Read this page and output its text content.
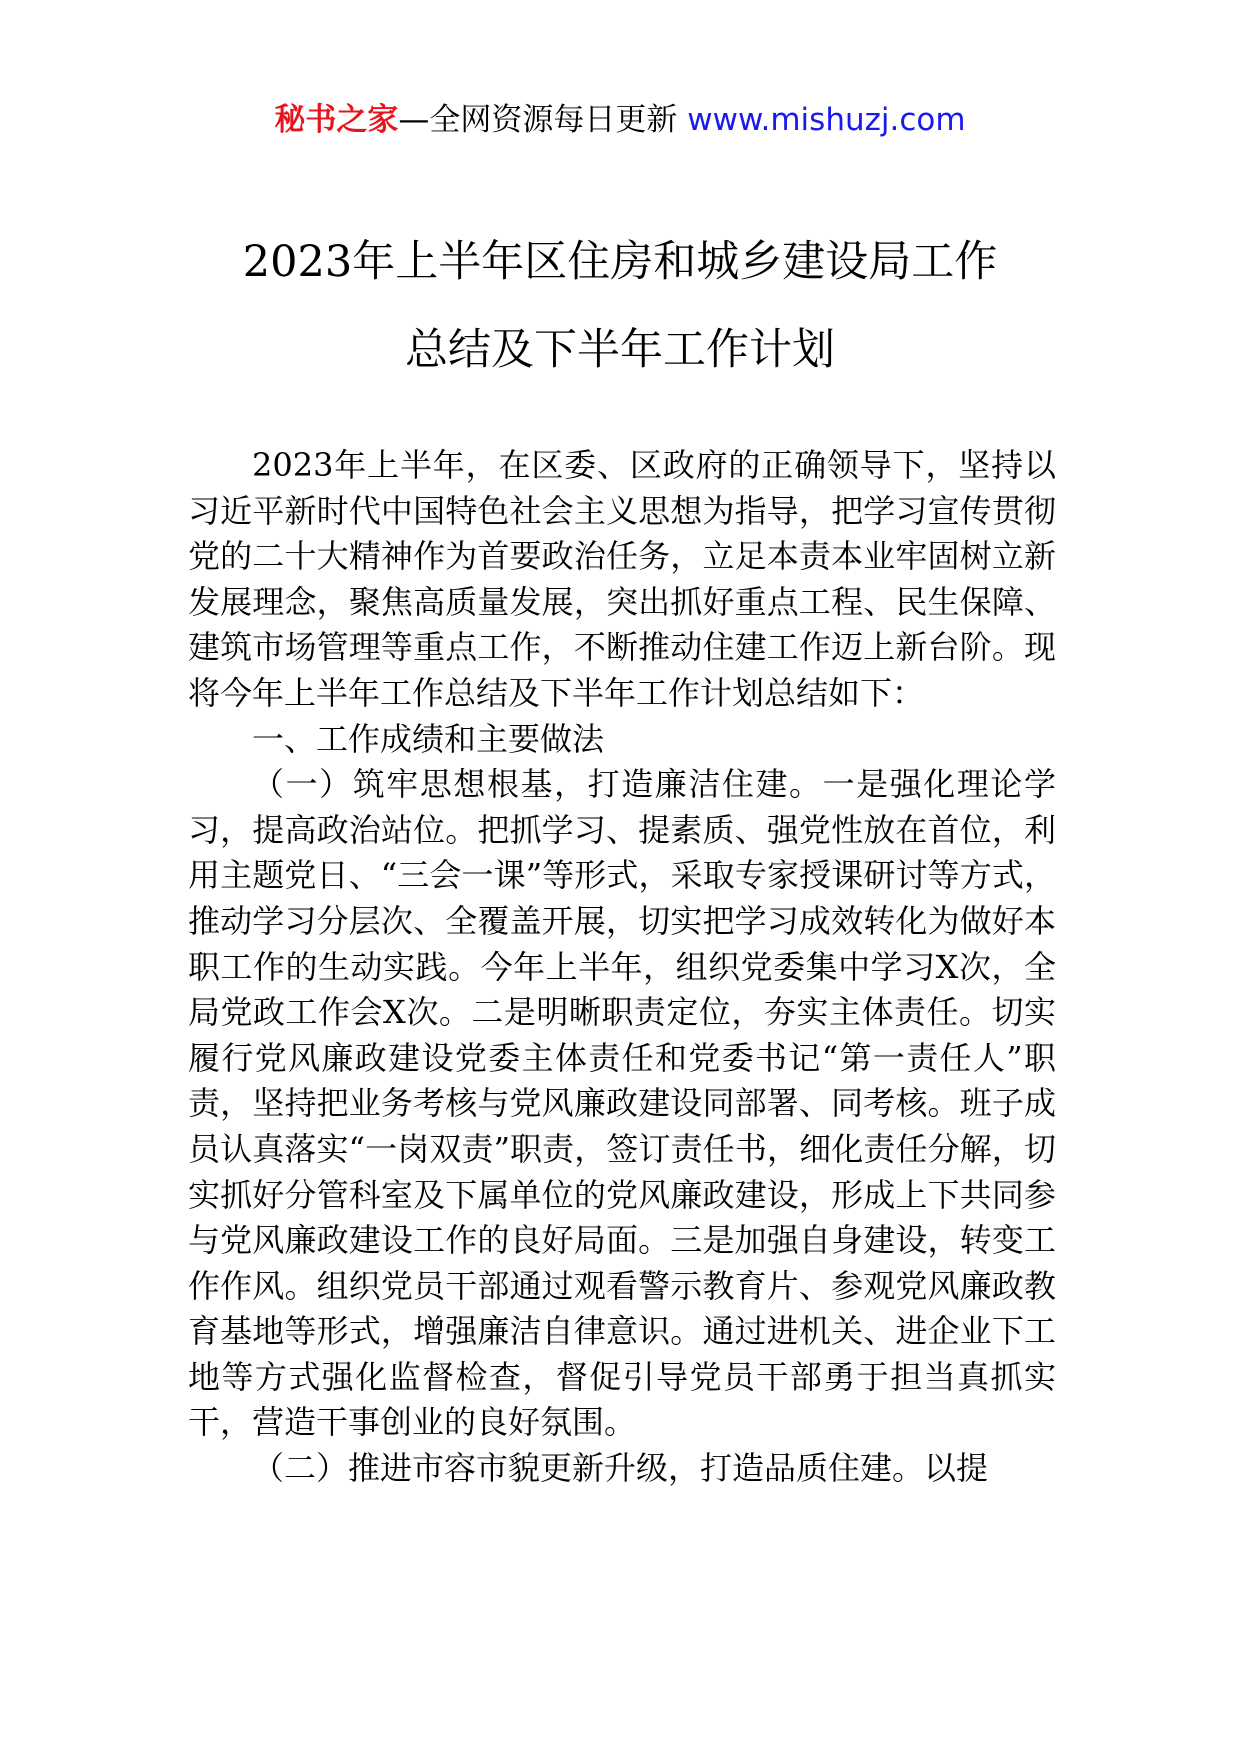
秘书之家—全网资源每日更新 www.mishuzj.com
2023年上半年区住房和城乡建设局工作
总结及下半年工作计划

2023年上半年，在区委、区政府的正确领导下，坚持以习近平新时代中国特色社会主义思想为指导，把学习宣传贯彻党的二十大精神作为首要政治任务，立足本责本业牢固树立新发展理念，聚焦高质量发展，突出抓好重点工程、民生保障、建筑市场管理等重点工作，不断推动住建工作迈上新台阶。现将今年上半年工作总结及下半年工作计划总结如下：

一、工作成绩和主要做法

（一）筑牢思想根基，打造廉洁住建。一是强化理论学习，提高政治站位。把抓学习、提素质、强党性放在首位，利用主题党日、“三会一课”等形式，采取专家授课研讨等方式，推动学习分层次、全覆盖开展，切实把学习成效转化为做好本职工作的生动实践。今年上半年，组织党委集中学习X次，全局党政工作会X次。二是明晰职责定位，夯实主体责任。切实履行党风廉政建设党委主体责任和党委书记“第一责任人”职责，坚持把业务考核与党风廉政建设同部署、同考核。班子成员认真落实“一岗双责”职责，签订责任书，细化责任分解，切实抓好分管科室及下属单位的党风廉政建设，形成上下共同参与党风廉政建设工作的良好局面。三是加强自身建设，转变工作作风。组织党员干部通过观看警示教育片、参观党风廉政教育基地等形式，增强廉洁自律意识。通过进机关、进企业下工地等方式强化监督检查，督促引导党员干部勇于担当真抓实干，营造干事创业的良好氛围。

（二）推进市容市貌更新升级，打造品质住建。以提
